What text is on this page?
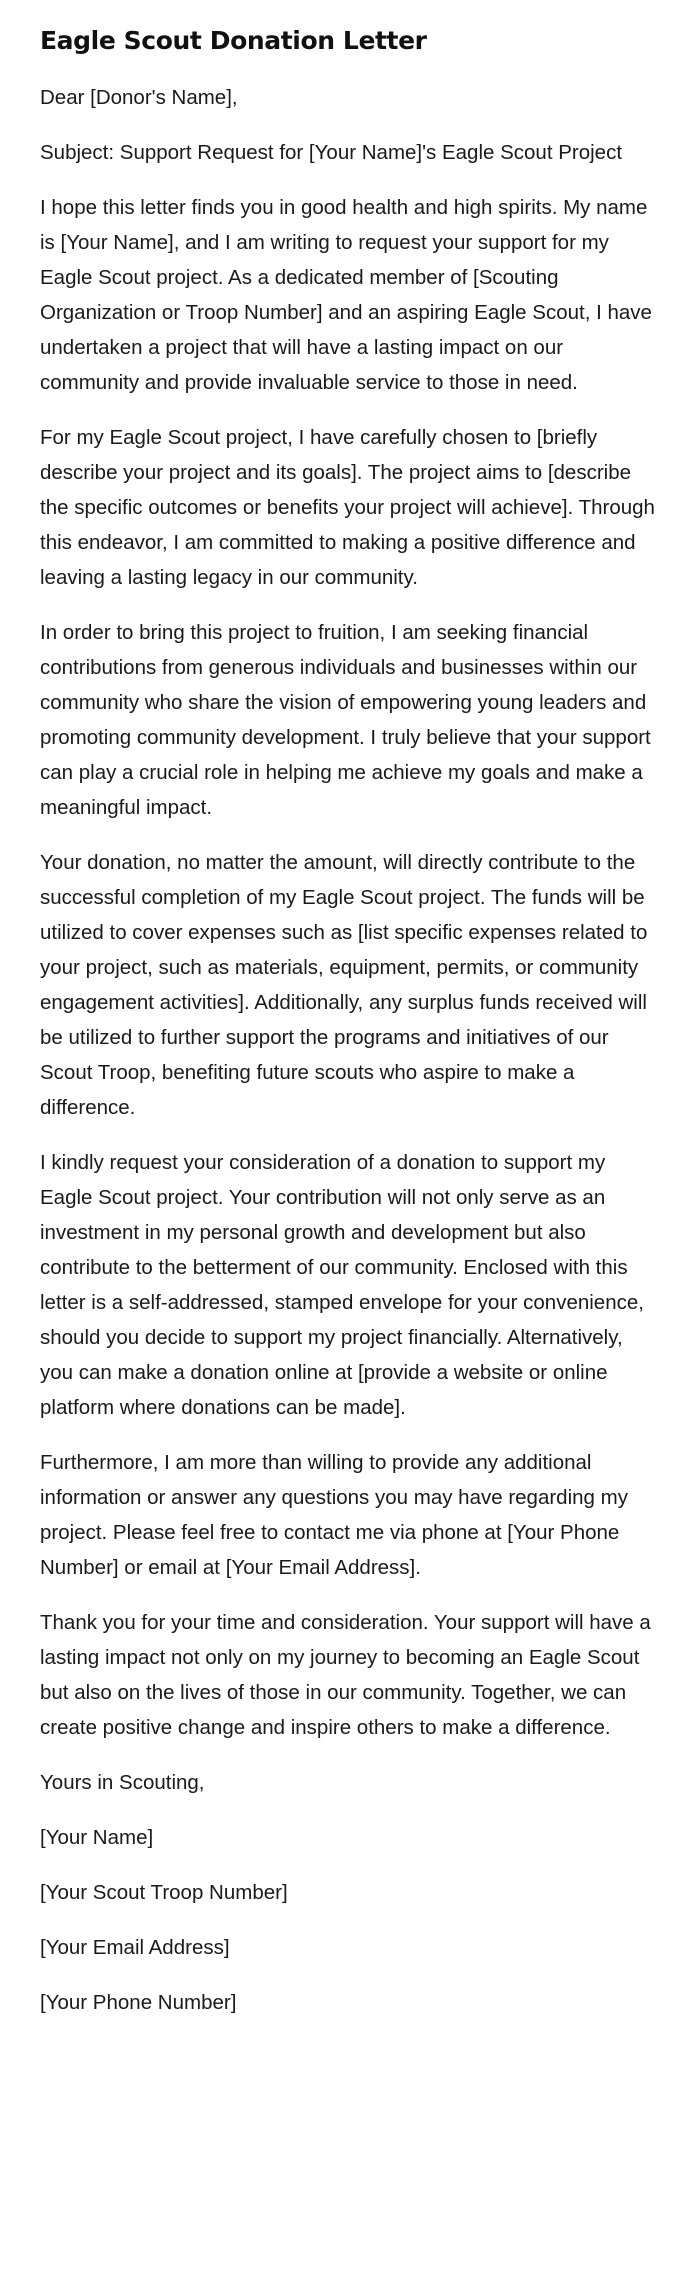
Eagle Scout Donation Letter

Dear [Donor's Name],

Subject: Support Request for [Your Name]'s Eagle Scout Project

I hope this letter finds you in good health and high spirits. My name is [Your Name], and I am writing to request your support for my Eagle Scout project. As a dedicated member of [Scouting Organization or Troop Number] and an aspiring Eagle Scout, I have undertaken a project that will have a lasting impact on our community and provide invaluable service to those in need.

For my Eagle Scout project, I have carefully chosen to [briefly describe your project and its goals]. The project aims to [describe the specific outcomes or benefits your project will achieve]. Through this endeavor, I am committed to making a positive difference and leaving a lasting legacy in our community.

In order to bring this project to fruition, I am seeking financial contributions from generous individuals and businesses within our community who share the vision of empowering young leaders and promoting community development. I truly believe that your support can play a crucial role in helping me achieve my goals and make a meaningful impact.

Your donation, no matter the amount, will directly contribute to the successful completion of my Eagle Scout project. The funds will be utilized to cover expenses such as [list specific expenses related to your project, such as materials, equipment, permits, or community engagement activities]. Additionally, any surplus funds received will be utilized to further support the programs and initiatives of our Scout Troop, benefiting future scouts who aspire to make a difference.

I kindly request your consideration of a donation to support my Eagle Scout project. Your contribution will not only serve as an investment in my personal growth and development but also contribute to the betterment of our community. Enclosed with this letter is a self-addressed, stamped envelope for your convenience, should you decide to support my project financially. Alternatively, you can make a donation online at [provide a website or online platform where donations can be made].

Furthermore, I am more than willing to provide any additional information or answer any questions you may have regarding my project. Please feel free to contact me via phone at [Your Phone Number] or email at [Your Email Address].

Thank you for your time and consideration. Your support will have a lasting impact not only on my journey to becoming an Eagle Scout but also on the lives of those in our community. Together, we can create positive change and inspire others to make a difference.

Yours in Scouting,

[Your Name]

[Your Scout Troop Number]

[Your Email Address]

[Your Phone Number]
